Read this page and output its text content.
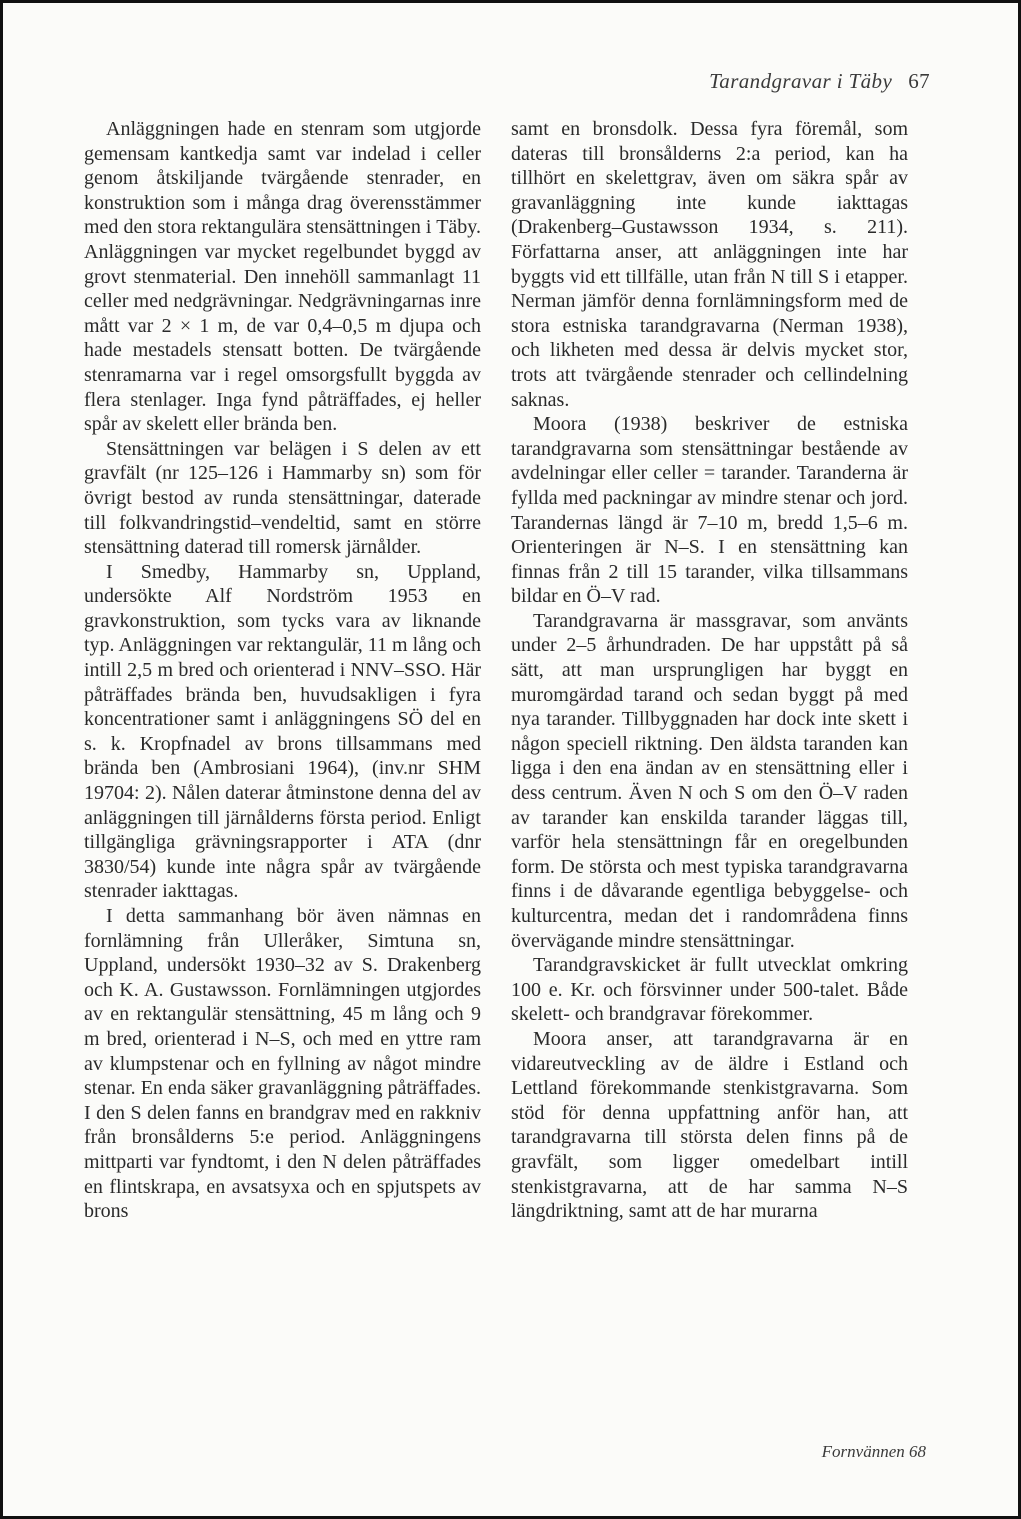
Tarandgravar i Täby 67

Anläggningen hade en stenram som utgjorde gemensam kantkedja samt var indelad i celler genom åtskiljande tvärgående stenrader, en konstruktion som i många drag överensstämmer med den stora rektangulära stensättningen i Täby. Anläggningen var mycket regelbundet byggd av grovt stenmaterial. Den innehöll sammanlagt 11 celler med nedgrävningar. Nedgrävningarnas inre mått var 2 × 1 m, de var 0,4–0,5 m djupa och hade mestadels stensatt botten. De tvärgående stenramarna var i regel omsorgsfullt byggda av flera stenlager. Inga fynd påträffades, ej heller spår av skelett eller brända ben.

Stensättningen var belägen i S delen av ett gravfält (nr 125–126 i Hammarby sn) som för övrigt bestod av runda stensättningar, daterade till folkvandringstid–vendeltid, samt en större stensättning daterad till romersk järnålder.

I Smedby, Hammarby sn, Uppland, undersökte Alf Nordström 1953 en gravkonstruktion, som tycks vara av liknande typ. Anläggningen var rektangulär, 11 m lång och intill 2,5 m bred och orienterad i NNV–SSO. Här påträffades brända ben, huvudsakligen i fyra koncentrationer samt i anläggningens SÖ del en s. k. Kropfnadel av brons tillsammans med brända ben (Ambrosiani 1964), (inv.nr SHM 19704: 2). Nålen daterar åtminstone denna del av anläggningen till järnålderns första period. Enligt tillgängliga grävningsrapporter i ATA (dnr 3830/54) kunde inte några spår av tvärgående stenrader iakttagas.

I detta sammanhang bör även nämnas en fornlämning från Ulleråker, Simtuna sn, Uppland, undersökt 1930–32 av S. Drakenberg och K. A. Gustawsson. Fornlämningen utgjordes av en rektangulär stensättning, 45 m lång och 9 m bred, orienterad i N–S, och med en yttre ram av klumpstenar och en fyllning av något mindre stenar. En enda säker gravanläggning påträffades. I den S delen fanns en brandgrav med en rakkniv från bronsålderns 5:e period. Anläggningens mittparti var fyndtomt, i den N delen påträffades en flintskrapa, en avsatsyxa och en spjutspets av brons

samt en bronsdolk. Dessa fyra föremål, som dateras till bronsålderns 2:a period, kan ha tillhört en skelettgrav, även om säkra spår av gravanläggning inte kunde iakttagas (Drakenberg–Gustawsson 1934, s. 211). Författarna anser, att anläggningen inte har byggts vid ett tillfälle, utan från N till S i etapper. Nerman jämför denna fornlämningsform med de stora estniska tarandgravarna (Nerman 1938), och likheten med dessa är delvis mycket stor, trots att tvärgående stenrader och cellindelning saknas.

Moora (1938) beskriver de estniska tarandgravarna som stensättningar bestående av avdelningar eller celler = tarander. Taranderna är fyllda med packningar av mindre stenar och jord. Tarandernas längd är 7–10 m, bredd 1,5–6 m. Orienteringen är N–S. I en stensättning kan finnas från 2 till 15 tarander, vilka tillsammans bildar en Ö–V rad.

Tarandgravarna är massgravar, som använts under 2–5 århundraden. De har uppstått på så sätt, att man ursprungligen har byggt en muromgärdad tarand och sedan byggt på med nya tarander. Tillbyggnaden har dock inte skett i någon speciell riktning. Den äldsta taranden kan ligga i den ena ändan av en stensättning eller i dess centrum. Även N och S om den Ö–V raden av tarander kan enskilda tarander läggas till, varför hela stensättningn får en oregelbunden form. De största och mest typiska tarandgravarna finns i de dåvarande egentliga bebyggelse- och kulturcentra, medan det i randområdena finns övervägande mindre stensättningar.

Tarandgravskicket är fullt utvecklat omkring 100 e. Kr. och försvinner under 500-talet. Både skelett- och brandgravar förekommer.

Moora anser, att tarandgravarna är en vidareutveckling av de äldre i Estland och Lettland förekommande stenkistgravarna. Som stöd för denna uppfattning anför han, att tarandgravarna till största delen finns på de gravfält, som ligger omedelbart intill stenkistgravarna, att de har samma N–S längdriktning, samt att de har murarna

Fornvännen 68
